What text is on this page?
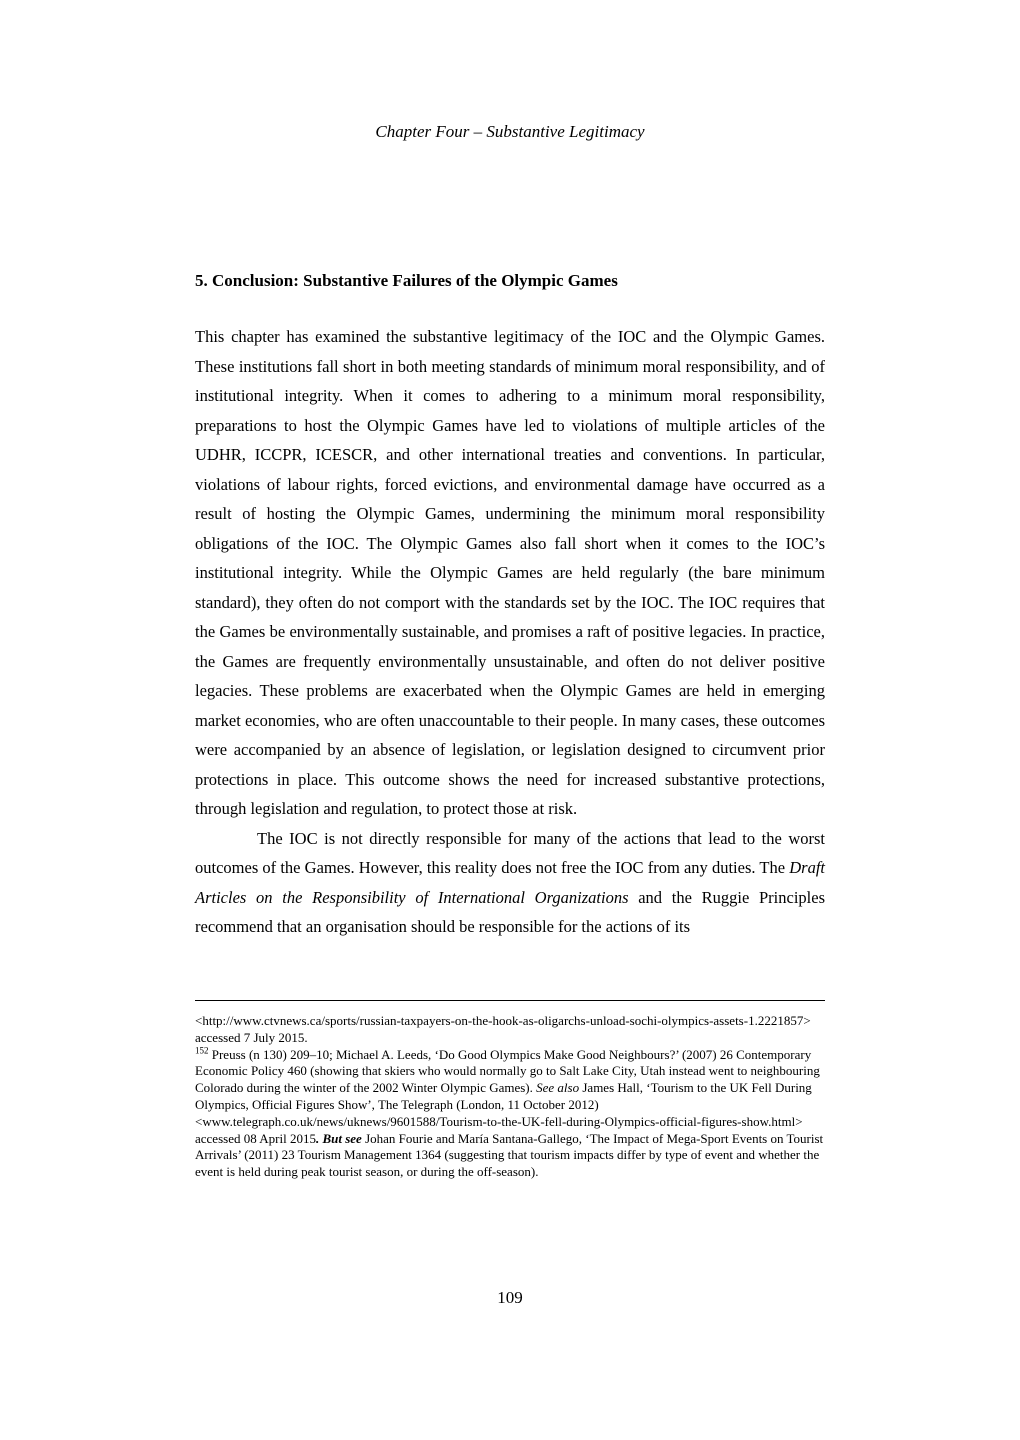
Chapter Four – Substantive Legitimacy
5. Conclusion: Substantive Failures of the Olympic Games

This chapter has examined the substantive legitimacy of the IOC and the Olympic Games. These institutions fall short in both meeting standards of minimum moral responsibility, and of institutional integrity. When it comes to adhering to a minimum moral responsibility, preparations to host the Olympic Games have led to violations of multiple articles of the UDHR, ICCPR, ICESCR, and other international treaties and conventions. In particular, violations of labour rights, forced evictions, and environmental damage have occurred as a result of hosting the Olympic Games, undermining the minimum moral responsibility obligations of the IOC. The Olympic Games also fall short when it comes to the IOC’s institutional integrity. While the Olympic Games are held regularly (the bare minimum standard), they often do not comport with the standards set by the IOC. The IOC requires that the Games be environmentally sustainable, and promises a raft of positive legacies. In practice, the Games are frequently environmentally unsustainable, and often do not deliver positive legacies. These problems are exacerbated when the Olympic Games are held in emerging market economies, who are often unaccountable to their people. In many cases, these outcomes were accompanied by an absence of legislation, or legislation designed to circumvent prior protections in place. This outcome shows the need for increased substantive protections, through legislation and regulation, to protect those at risk.

The IOC is not directly responsible for many of the actions that lead to the worst outcomes of the Games. However, this reality does not free the IOC from any duties. The Draft Articles on the Responsibility of International Organizations and the Ruggie Principles recommend that an organisation should be responsible for the actions of its

<http://www.ctvnews.ca/sports/russian-taxpayers-on-the-hook-as-oligarchs-unload-sochi-olympics-assets-1.2221857> accessed 7 July 2015.

$^{152}$ Preuss (n 130) 209–10; Michael A. Leeds, ‘Do Good Olympics Make Good Neighbours?’ (2007) 26 Contemporary Economic Policy 460 (showing that skiers who would normally go to Salt Lake City, Utah instead went to neighbouring Colorado during the winter of the 2002 Winter Olympic Games). See also James Hall, ‘Tourism to the UK Fell During Olympics, Official Figures Show’, The Telegraph (London, 11 October 2012) <www.telegraph.co.uk/news/uknews/9601588/Tourism-to-the-UK-fell-during-Olympics-official-figures-show.html> accessed 08 April 2015. But see Johan Fourie and María Santana-Gallego, ‘The Impact of Mega-Sport Events on Tourist Arrivals’ (2011) 23 Tourism Management 1364 (suggesting that tourism impacts differ by type of event and whether the event is held during peak tourist season, or during the off-season).

109
